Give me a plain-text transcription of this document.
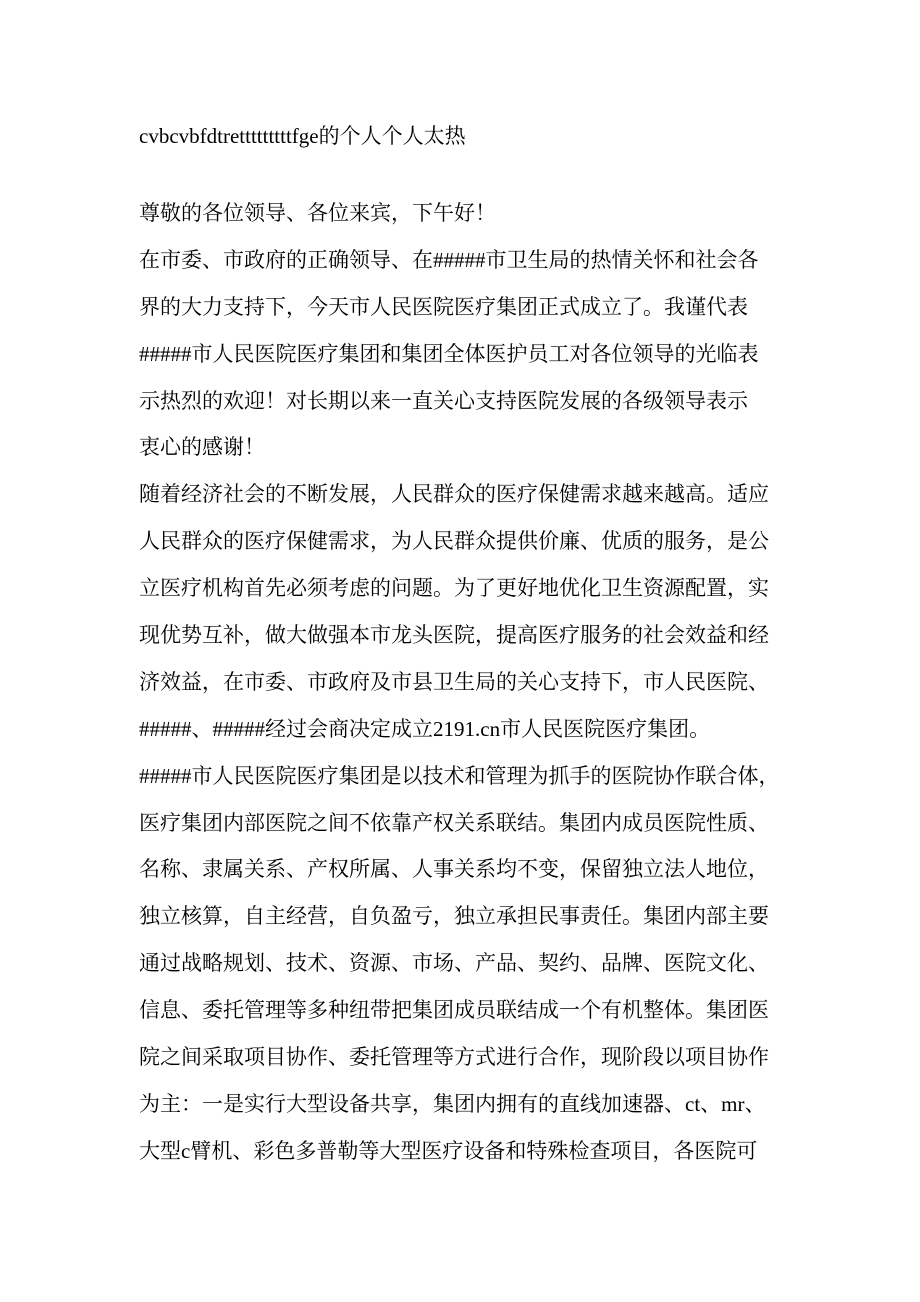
cvbcvbfdtretttttttttfge的个人个人太热
尊敬的各位领导、各位来宾，下午好！
在市委、市政府的正确领导、在#####市卫生局的热情关怀和社会各
界的大力支持下，今天市人民医院医疗集团正式成立了。我谨代表
#####市人民医院医疗集团和集团全体医护员工对各位领导的光临表
示热烈的欢迎！对长期以来一直关心支持医院发展的各级领导表示
衷心的感谢！
随着经济社会的不断发展，人民群众的医疗保健需求越来越高。适应
人民群众的医疗保健需求，为人民群众提供价廉、优质的服务，是公
立医疗机构首先必须考虑的问题。为了更好地优化卫生资源配置，实
现优势互补，做大做强本市龙头医院，提高医疗服务的社会效益和经
济效益，在市委、市政府及市县卫生局的关心支持下，市人民医院、
#####、#####经过会商决定成立2191.cn市人民医院医疗集团。
#####市人民医院医疗集团是以技术和管理为抓手的医院协作联合体，
医疗集团内部医院之间不依靠产权关系联结。集团内成员医院性质、
名称、隶属关系、产权所属、人事关系均不变，保留独立法人地位，
独立核算，自主经营，自负盈亏，独立承担民事责任。集团内部主要
通过战略规划、技术、资源、市场、产品、契约、品牌、医院文化、
信息、委托管理等多种纽带把集团成员联结成一个有机整体。集团医
院之间采取项目协作、委托管理等方式进行合作，现阶段以项目协作
为主：一是实行大型设备共享，集团内拥有的直线加速器、ct、mr、
大型c臂机、彩色多普勒等大型医疗设备和特殊检查项目，各医院可
